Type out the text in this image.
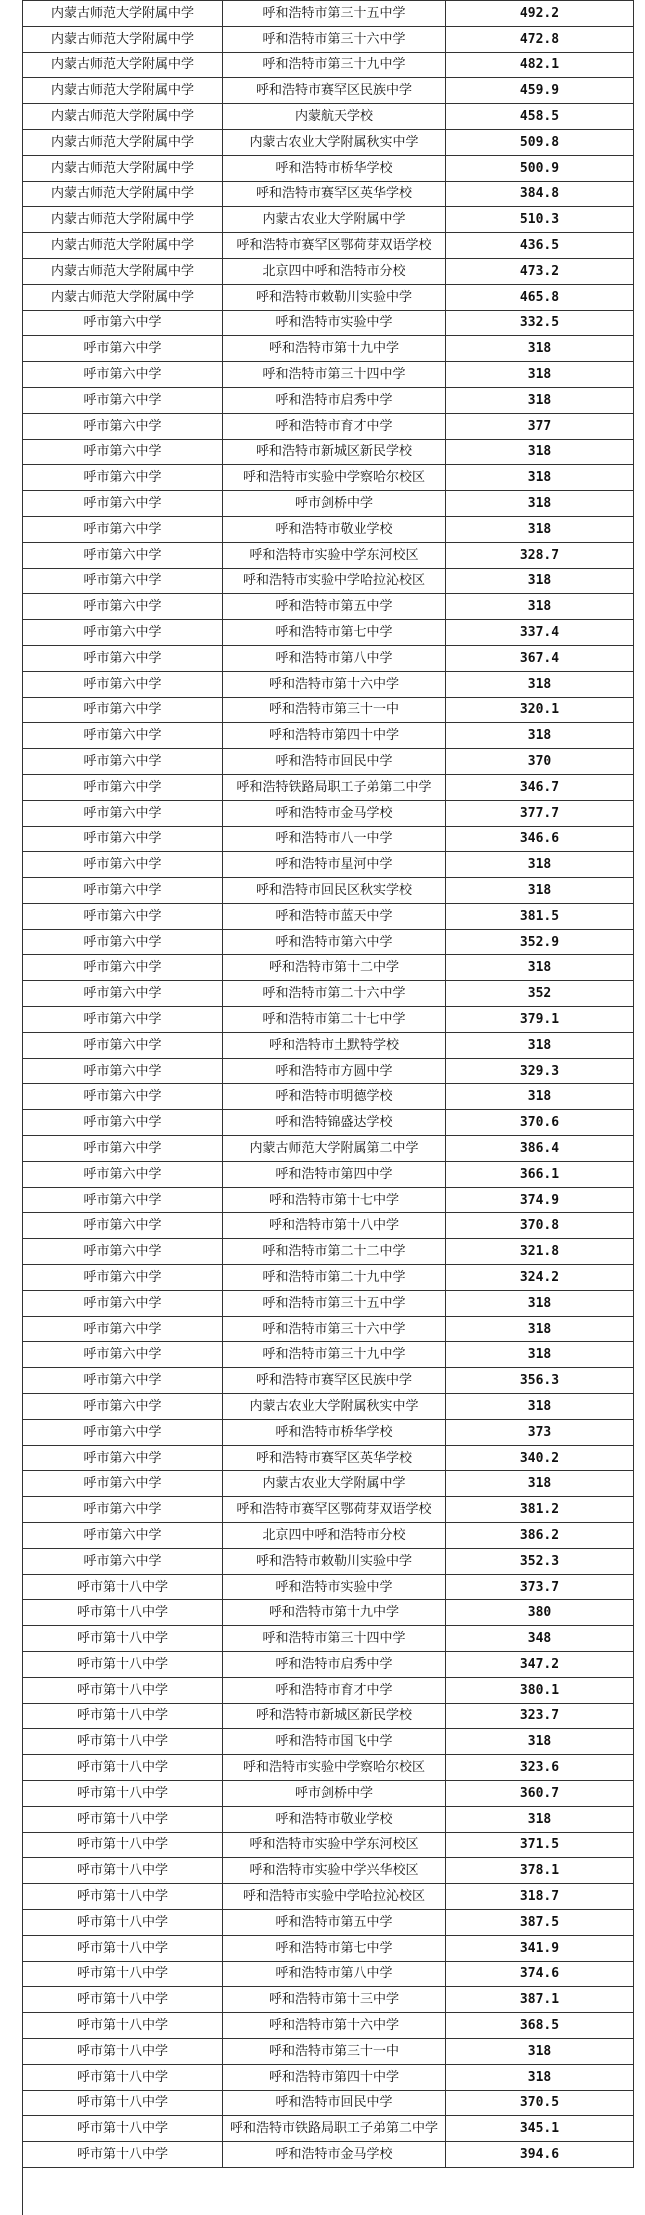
内蒙古师范大学附属中学	呼和浩特市第三十五中学	492.2
内蒙古师范大学附属中学	呼和浩特市第三十六中学	472.8
内蒙古师范大学附属中学	呼和浩特市第三十九中学	482.1
内蒙古师范大学附属中学	呼和浩特市赛罕区民族中学	459.9
内蒙古师范大学附属中学	内蒙航天学校	458.5
内蒙古师范大学附属中学	内蒙古农业大学附属秋实中学	509.8
内蒙古师范大学附属中学	呼和浩特市桥华学校	500.9
内蒙古师范大学附属中学	呼和浩特市赛罕区英华学校	384.8
内蒙古师范大学附属中学	内蒙古农业大学附属中学	510.3
内蒙古师范大学附属中学	呼和浩特市赛罕区鄂荷芽双语学校	436.5
内蒙古师范大学附属中学	北京四中呼和浩特市分校	473.2
内蒙古师范大学附属中学	呼和浩特市敕勒川实验中学	465.8
呼市第六中学	呼和浩特市实验中学	332.5
呼市第六中学	呼和浩特市第十九中学	318
呼市第六中学	呼和浩特市第三十四中学	318
呼市第六中学	呼和浩特市启秀中学	318
呼市第六中学	呼和浩特市育才中学	377
呼市第六中学	呼和浩特市新城区新民学校	318
呼市第六中学	呼和浩特市实验中学察哈尔校区	318
呼市第六中学	呼市剑桥中学	318
呼市第六中学	呼和浩特市敬业学校	318
呼市第六中学	呼和浩特市实验中学东河校区	328.7
呼市第六中学	呼和浩特市实验中学哈拉沁校区	318
呼市第六中学	呼和浩特市第五中学	318
呼市第六中学	呼和浩特市第七中学	337.4
呼市第六中学	呼和浩特市第八中学	367.4
呼市第六中学	呼和浩特市第十六中学	318
呼市第六中学	呼和浩特市第三十一中	320.1
呼市第六中学	呼和浩特市第四十中学	318
呼市第六中学	呼和浩特市回民中学	370
呼市第六中学	呼和浩特铁路局职工子弟第二中学	346.7
呼市第六中学	呼和浩特市金马学校	377.7
呼市第六中学	呼和浩特市八一中学	346.6
呼市第六中学	呼和浩特市星河中学	318
呼市第六中学	呼和浩特市回民区秋实学校	318
呼市第六中学	呼和浩特市蓝天中学	381.5
呼市第六中学	呼和浩特市第六中学	352.9
呼市第六中学	呼和浩特市第十二中学	318
呼市第六中学	呼和浩特市第二十六中学	352
呼市第六中学	呼和浩特市第二十七中学	379.1
呼市第六中学	呼和浩特市土默特学校	318
呼市第六中学	呼和浩特市方圆中学	329.3
呼市第六中学	呼和浩特市明德学校	318
呼市第六中学	呼和浩特锦盛达学校	370.6
呼市第六中学	内蒙古师范大学附属第二中学	386.4
呼市第六中学	呼和浩特市第四中学	366.1
呼市第六中学	呼和浩特市第十七中学	374.9
呼市第六中学	呼和浩特市第十八中学	370.8
呼市第六中学	呼和浩特市第二十二中学	321.8
呼市第六中学	呼和浩特市第二十九中学	324.2
呼市第六中学	呼和浩特市第三十五中学	318
呼市第六中学	呼和浩特市第三十六中学	318
呼市第六中学	呼和浩特市第三十九中学	318
呼市第六中学	呼和浩特市赛罕区民族中学	356.3
呼市第六中学	内蒙古农业大学附属秋实中学	318
呼市第六中学	呼和浩特市桥华学校	373
呼市第六中学	呼和浩特市赛罕区英华学校	340.2
呼市第六中学	内蒙古农业大学附属中学	318
呼市第六中学	呼和浩特市赛罕区鄂荷芽双语学校	381.2
呼市第六中学	北京四中呼和浩特市分校	386.2
呼市第六中学	呼和浩特市敕勒川实验中学	352.3
呼市第十八中学	呼和浩特市实验中学	373.7
呼市第十八中学	呼和浩特市第十九中学	380
呼市第十八中学	呼和浩特市第三十四中学	348
呼市第十八中学	呼和浩特市启秀中学	347.2
呼市第十八中学	呼和浩特市育才中学	380.1
呼市第十八中学	呼和浩特市新城区新民学校	323.7
呼市第十八中学	呼和浩特市国飞中学	318
呼市第十八中学	呼和浩特市实验中学察哈尔校区	323.6
呼市第十八中学	呼市剑桥中学	360.7
呼市第十八中学	呼和浩特市敬业学校	318
呼市第十八中学	呼和浩特市实验中学东河校区	371.5
呼市第十八中学	呼和浩特市实验中学兴华校区	378.1
呼市第十八中学	呼和浩特市实验中学哈拉沁校区	318.7
呼市第十八中学	呼和浩特市第五中学	387.5
呼市第十八中学	呼和浩特市第七中学	341.9
呼市第十八中学	呼和浩特市第八中学	374.6
呼市第十八中学	呼和浩特市第十三中学	387.1
呼市第十八中学	呼和浩特市第十六中学	368.5
呼市第十八中学	呼和浩特市第三十一中	318
呼市第十八中学	呼和浩特市第四十中学	318
呼市第十八中学	呼和浩特市回民中学	370.5
呼市第十八中学	呼和浩特市铁路局职工子弟第二中学	345.1
呼市第十八中学	呼和浩特市金马学校	394.6
